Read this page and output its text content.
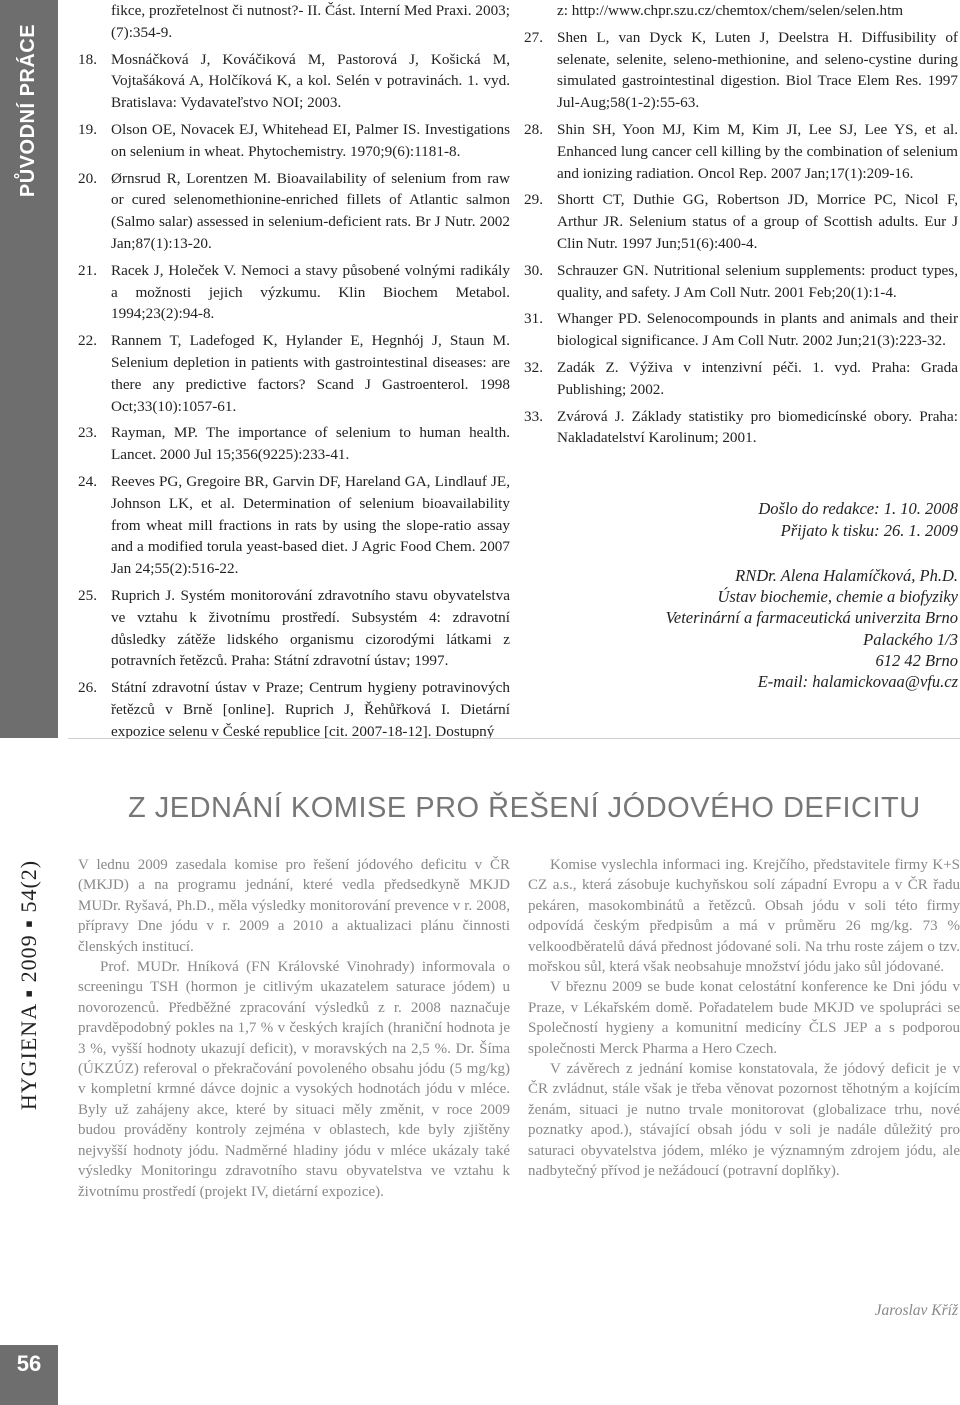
PŮVODNÍ PRÁCE
HYGIENA ▪ 2009 ▪ 54(2)
56
fikce, prozřetelnost či nutnost?- II. Část. Interní Med Praxi. 2003;(7):354-9.
18. Mosnáčková J, Kováčiková M, Pastorová J, Košická M, Vojtašáková A, Holčíková K, a kol. Selén v potravinách. 1. vyd. Bratislava: Vydavateľstvo NOI; 2003.
19. Olson OE, Novacek EJ, Whitehead EI, Palmer IS. Investigations on selenium in wheat. Phytochemistry. 1970;9(6):1181-8.
20. Ørnsrud R, Lorentzen M. Bioavailability of selenium from raw or cured selenomethionine-enriched fillets of Atlantic salmon (Salmo salar) assessed in selenium-deficient rats. Br J Nutr. 2002 Jan;87(1):13-20.
21. Racek J, Holeček V. Nemoci a stavy působené volnými radikály a možnosti jejich výzkumu. Klin Biochem Metabol. 1994;23(2):94-8.
22. Rannem T, Ladefoged K, Hylander E, Hegnhój J, Staun M. Selenium depletion in patients with gastrointestinal diseases: are there any predictive factors? Scand J Gastroenterol. 1998 Oct;33(10):1057-61.
23. Rayman, MP. The importance of selenium to human health. Lancet. 2000 Jul 15;356(9225):233-41.
24. Reeves PG, Gregoire BR, Garvin DF, Hareland GA, Lindlauf JE, Johnson LK, et al. Determination of selenium bioavailability from wheat mill fractions in rats by using the slope-ratio assay and a modified torula yeast-based diet. J Agric Food Chem. 2007 Jan 24;55(2):516-22.
25. Ruprich J. Systém monitorování zdravotního stavu obyvatelstva ve vztahu k životnímu prostředí. Subsystém 4: zdravotní důsledky zátěže lidského organismu cizorodými látkami z potravních řetězců. Praha: Státní zdravotní ústav; 1997.
26. Státní zdravotní ústav v Praze; Centrum hygieny potravinových řetězců v Brně [online]. Ruprich J, Řehůřková I. Dietární expozice selenu v České republice [cit. 2007-18-12]. Dostupný
z: http://www.chpr.szu.cz/chemtox/chem/selen/selen.htm
27. Shen L, van Dyck K, Luten J, Deelstra H. Diffusibility of selenate, selenite, seleno-methionine, and seleno-cystine during simulated gastrointestinal digestion. Biol Trace Elem Res. 1997 Jul-Aug;58(1-2):55-63.
28. Shin SH, Yoon MJ, Kim M, Kim JI, Lee SJ, Lee YS, et al. Enhanced lung cancer cell killing by the combination of selenium and ionizing radiation. Oncol Rep. 2007 Jan;17(1):209-16.
29. Shortt CT, Duthie GG, Robertson JD, Morrice PC, Nicol F, Arthur JR. Selenium status of a group of Scottish adults. Eur J Clin Nutr. 1997 Jun;51(6):400-4.
30. Schrauzer GN. Nutritional selenium supplements: product types, quality, and safety. J Am Coll Nutr. 2001 Feb;20(1):1-4.
31. Whanger PD. Selenocompounds in plants and animals and their biological significance. J Am Coll Nutr. 2002 Jun;21(3):223-32.
32. Zadák Z. Výživa v intenzivní péči. 1. vyd. Praha: Grada Publishing; 2002.
33. Zvárová J. Základy statistiky pro biomedicínské obory. Praha: Nakladatelství Karolinum; 2001.
Došlo do redakce: 1. 10. 2008
Přijato k tisku: 26. 1. 2009
RNDr. Alena Halamíčková, Ph.D.
Ústav biochemie, chemie a biofyziky
Veterinární a farmaceutická univerzita Brno
Palackého 1/3
612 42 Brno
E-mail: halamickovaa@vfu.cz
Z JEDNÁNÍ KOMISE PRO ŘEŠENÍ JÓDOVÉHO DEFICITU

V lednu 2009 zasedala komise pro řešení jódového deficitu v ČR (MKJD) a na programu jednání, které vedla předsedkyně MKJD MUDr. Ryšavá, Ph.D., měla výsledky monitorování prevence v r. 2008, přípravy Dne jódu v r. 2009 a 2010 a aktualizaci plánu činnosti členských institucí.

Prof. MUDr. Hníková (FN Královské Vinohrady) informovala o screeningu TSH (hormon je citlivým ukazatelem saturace jódem) u novorozenců. Předběžné zpracování výsledků z r. 2008 naznačuje pravděpodobný pokles na 1,7 % v českých krajích (hraniční hodnota je 3 %, vyšší hodnoty ukazují deficit), v moravských na 2,5 %. Dr. Šíma (ÚKZÚZ) referoval o překračování povoleného obsahu jódu (5 mg/kg) v kompletní krmné dávce dojnic a vysokých hodnotách jódu v mléce. Byly už zahájeny akce, které by situaci měly změnit, v roce 2009 budou prováděny kontroly zejména v oblastech, kde byly zjištěny nejvyšší hodnoty jódu. Nadměrné hladiny jódu v mléce ukázaly také výsledky Monitoringu zdravotního stavu obyvatelstva ve vztahu k životnímu prostředí (projekt IV, dietární expozice).

Komise vyslechla informaci ing. Krejčího, představitele firmy K+S CZ a.s., která zásobuje kuchyňskou solí západní Evropu a v ČR řadu pekáren, masokombinátů a řetězců. Obsah jódu v soli této firmy odpovídá českým předpisům a má v průměru 26 mg/kg. 73 % velkoodběratelů dává přednost jódované soli. Na trhu roste zájem o tzv. mořskou sůl, která však neobsahuje množství jódu jako sůl jódované.

V březnu 2009 se bude konat celostátní konference ke Dni jódu v Praze, v Lékařském domě. Pořadatelem bude MKJD ve spolupráci se Společností hygieny a komunitní medicíny ČLS JEP a s podporou společnosti Merck Pharma a Hero Czech.

V závěrech z jednání komise konstatovala, že jódový deficit je v ČR zvládnut, stále však je třeba věnovat pozornost těhotným a kojícím ženám, situaci je nutno trvale monitorovat (globalizace trhu, nové poznatky apod.), stávající obsah jódu v soli je nadále důležitý pro saturaci obyvatelstva jódem, mléko je významným zdrojem jódu, ale nadbytečný přívod je nežádoucí (potravní doplňky).

Jaroslav Kříž
